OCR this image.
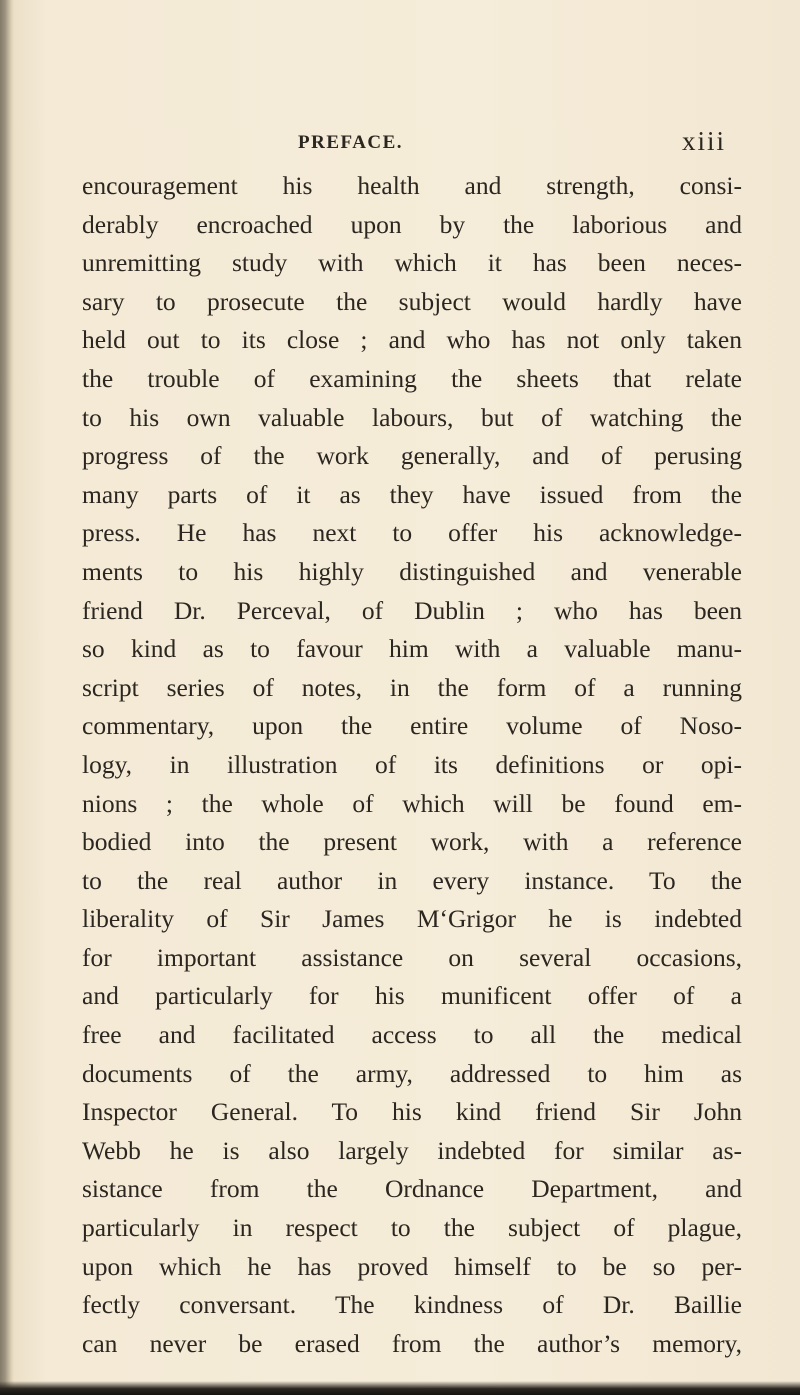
PREFACE.	xiii
encouragement his health and strength, consi-
derably encroached upon by the laborious and
unremitting study with which it has been neces-
sary to prosecute the subject would hardly have
held out to its close ; and who has not only taken
the trouble of examining the sheets that relate
to his own valuable labours, but of watching the
progress of the work generally, and of perusing
many parts of it as they have issued from the
press. He has next to offer his acknowledge-
ments to his highly distinguished and venerable
friend Dr. Perceval, of Dublin ; who has been
so kind as to favour him with a valuable manu-
script series of notes, in the form of a running
commentary, upon the entire volume of Noso-
logy, in illustration of its definitions or opi-
nions ; the whole of which will be found em-
bodied into the present work, with a reference
to the real author in every instance. To the
liberality of Sir James M‘Grigor he is indebted
for important assistance on several occasions,
and particularly for his munificent offer of a
free and facilitated access to all the medical
documents of the army, addressed to him as
Inspector General. To his kind friend Sir John
Webb he is also largely indebted for similar as-
sistance from the Ordnance Department, and
particularly in respect to the subject of plague,
upon which he has proved himself to be so per-
fectly conversant. The kindness of Dr. Baillie
can never be erased from the author’s memory,
